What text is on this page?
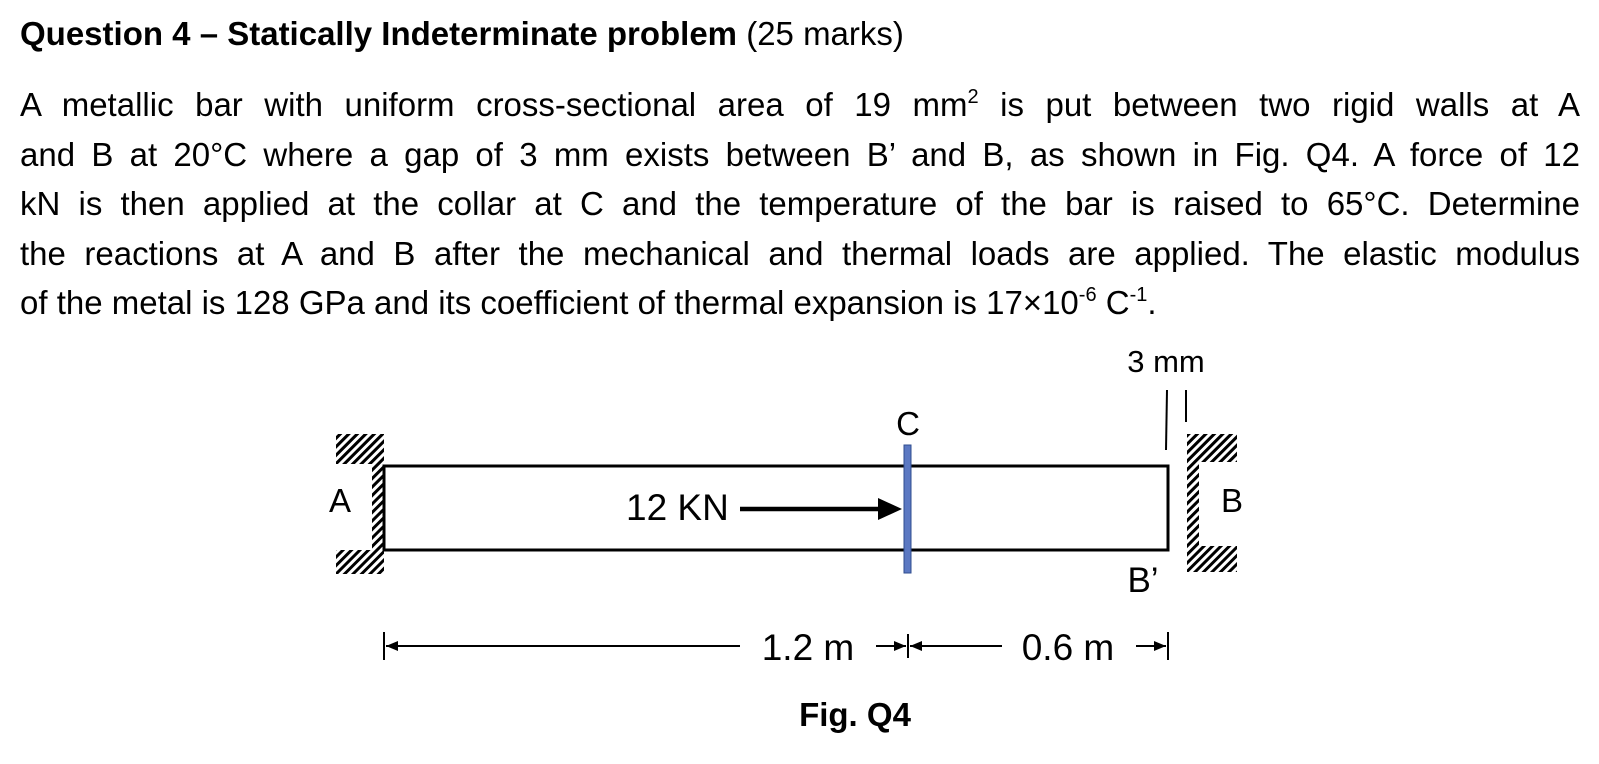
Question 4 – Statically Indeterminate problem (25 marks)
A metallic bar with uniform cross-sectional area of 19 $mm^2$ is put between two rigid walls at A
and B at 20°C where a gap of 3 mm exists between B’ and B, as shown in Fig. Q4. A force of 12
kN is then applied at the collar at C and the temperature of the bar is raised to 65°C. Determine
the reactions at A and B after the mechanical and thermal loads are applied. The elastic modulus
of the metal is 128 GPa and its coefficient of thermal expansion is $17\times 10^{-6}$ $C^{-1}$.
A	B
C
12 KN
3 mm
B’
1.2 m	0.6 m
Fig. Q4
